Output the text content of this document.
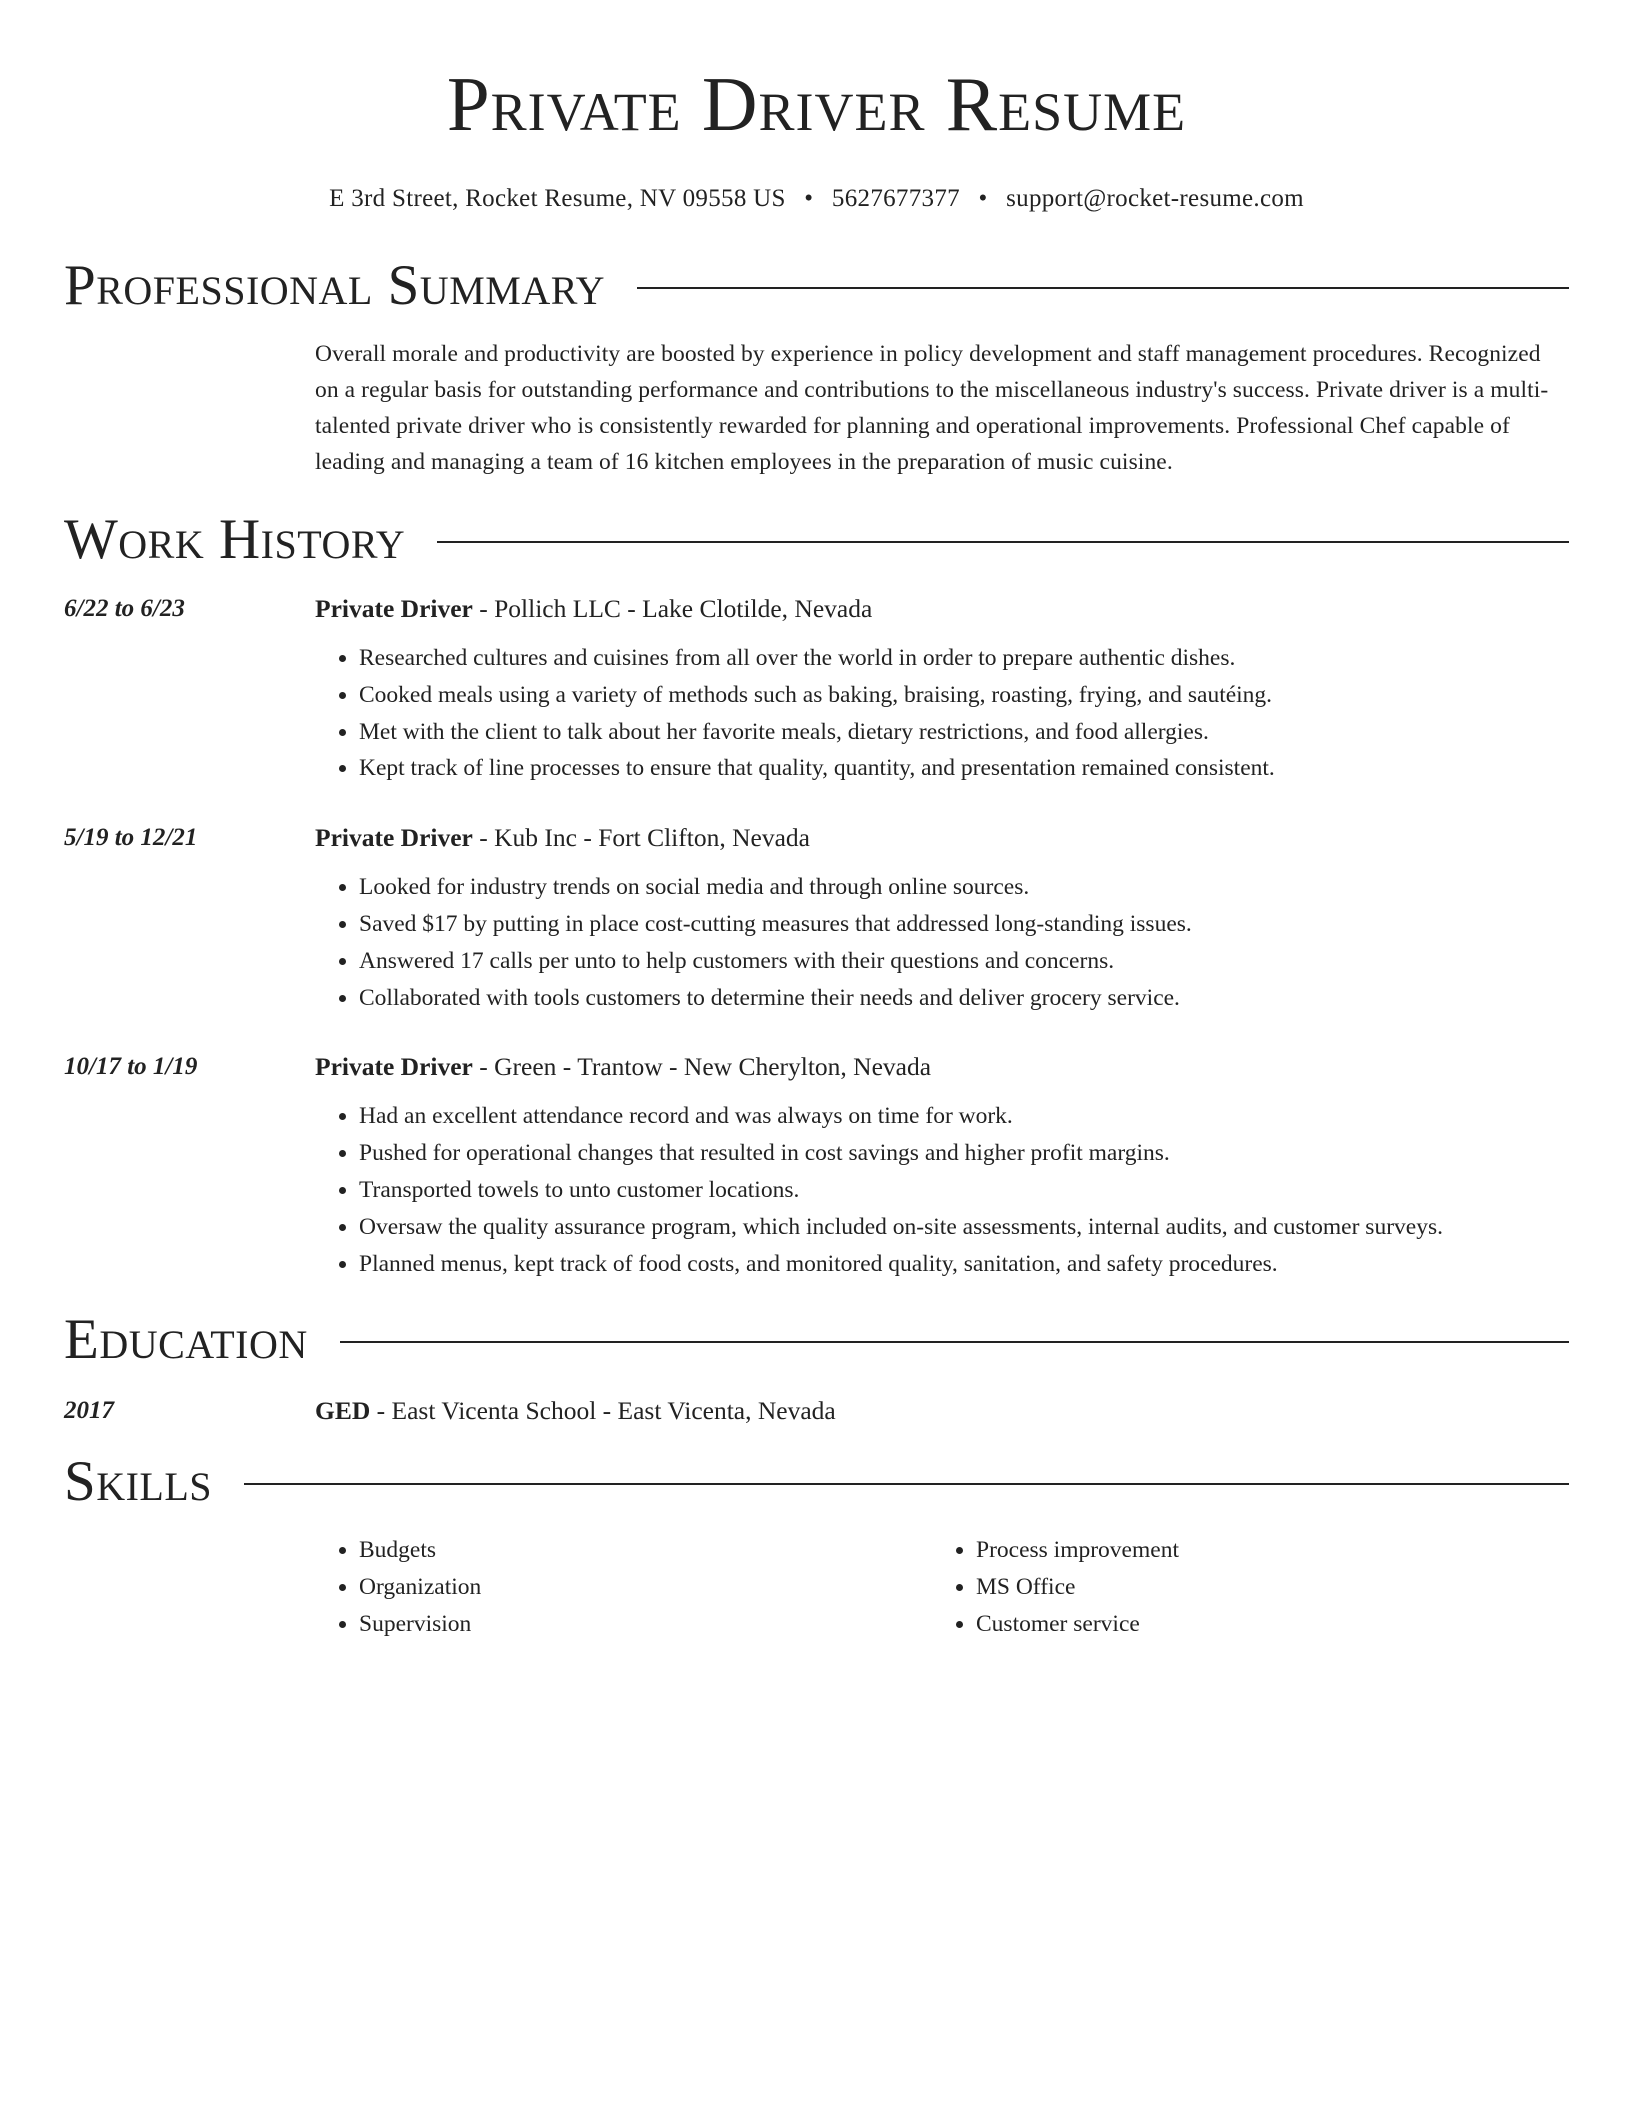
Private Driver Resume
E 3rd Street, Rocket Resume, NV 09558 US • 5627677377 • support@rocket-resume.com
Professional Summary
Overall morale and productivity are boosted by experience in policy development and staff management procedures. Recognized on a regular basis for outstanding performance and contributions to the miscellaneous industry's success. Private driver is a multi-talented private driver who is consistently rewarded for planning and operational improvements. Professional Chef capable of leading and managing a team of 16 kitchen employees in the preparation of music cuisine.
Work History
6/22 to 6/23	Private Driver - Pollich LLC - Lake Clotilde, Nevada
• Researched cultures and cuisines from all over the world in order to prepare authentic dishes.
• Cooked meals using a variety of methods such as baking, braising, roasting, frying, and sautéing.
• Met with the client to talk about her favorite meals, dietary restrictions, and food allergies.
• Kept track of line processes to ensure that quality, quantity, and presentation remained consistent.
5/19 to 12/21	Private Driver - Kub Inc - Fort Clifton, Nevada
• Looked for industry trends on social media and through online sources.
• Saved $17 by putting in place cost-cutting measures that addressed long-standing issues.
• Answered 17 calls per unto to help customers with their questions and concerns.
• Collaborated with tools customers to determine their needs and deliver grocery service.
10/17 to 1/19	Private Driver - Green - Trantow - New Cherylton, Nevada
• Had an excellent attendance record and was always on time for work.
• Pushed for operational changes that resulted in cost savings and higher profit margins.
• Transported towels to unto customer locations.
• Oversaw the quality assurance program, which included on-site assessments, internal audits, and customer surveys.
• Planned menus, kept track of food costs, and monitored quality, sanitation, and safety procedures.
Education
2017	GED - East Vicenta School - East Vicenta, Nevada
Skills
• Budgets
• Organization
• Supervision
• Process improvement
• MS Office
• Customer service
